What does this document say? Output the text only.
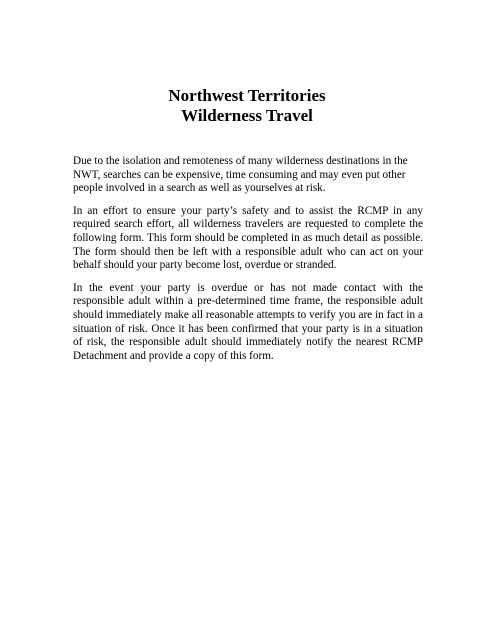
Northwest Territories
Wilderness Travel

Due to the isolation and remoteness of many wilderness destinations in the NWT, searches can be expensive, time consuming and may even put other people involved in a search as well as yourselves at risk.

In an effort to ensure your party’s safety and to assist the RCMP in any required search effort, all wilderness travelers are requested to complete the following form. This form should be completed in as much detail as possible. The form should then be left with a responsible adult who can act on your behalf should your party become lost, overdue or stranded.

In the event your party is overdue or has not made contact with the responsible adult within a pre-determined time frame, the responsible adult should immediately make all reasonable attempts to verify you are in fact in a situation of risk. Once it has been confirmed that your party is in a situation of risk, the responsible adult should immediately notify the nearest RCMP Detachment and provide a copy of this form.
